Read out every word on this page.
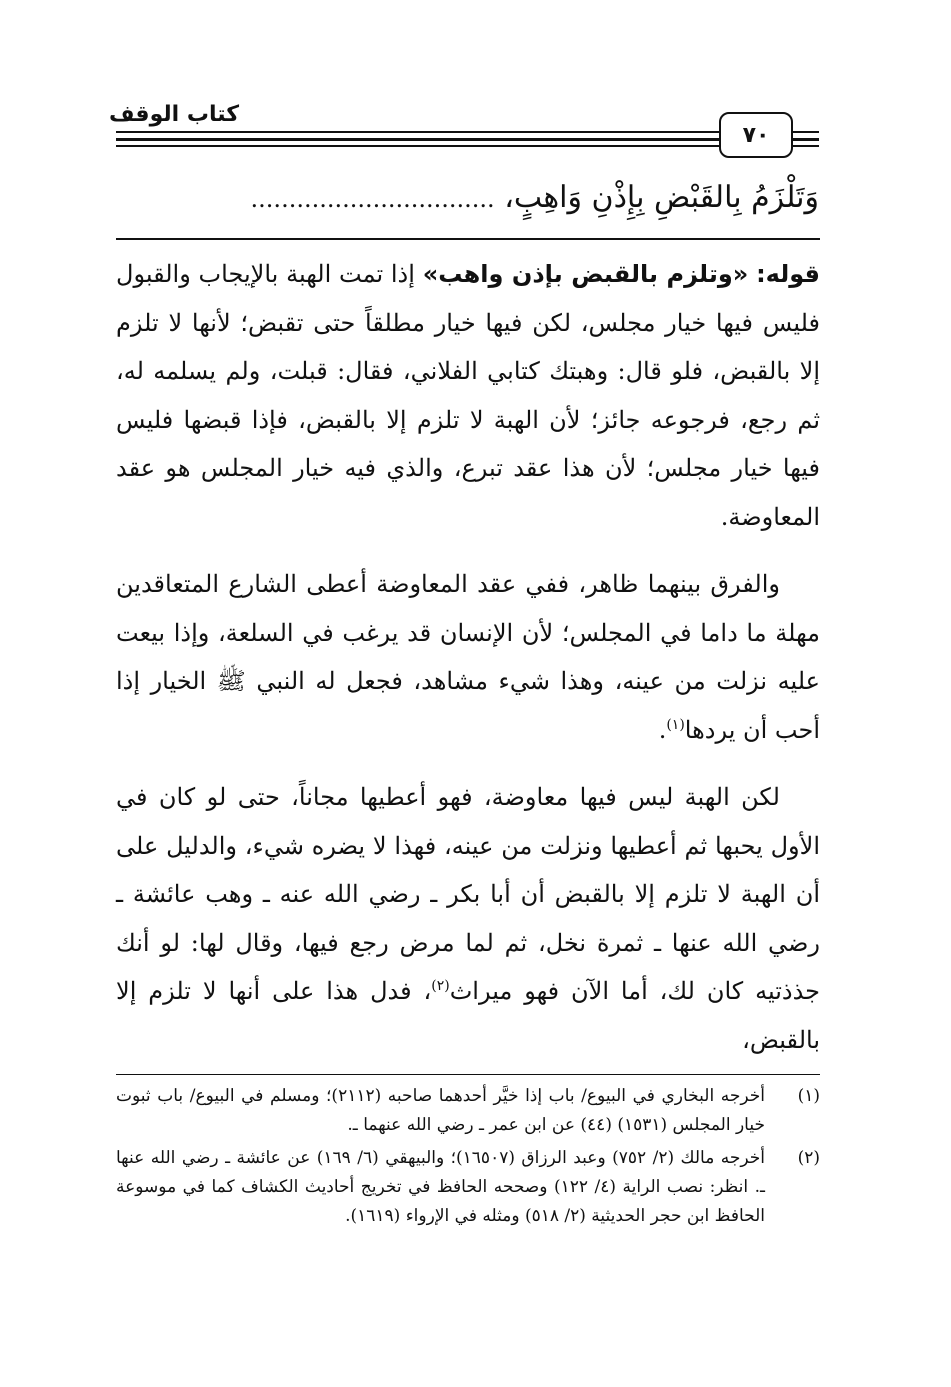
كتاب الوقف
٧٠
وَتَلْزَمُ بِالقَبْضِ بِإِذْنِ وَاهِبٍ، ................................

قوله: «وتلزم بالقبض بإذن واهب» إذا تمت الهبة بالإيجاب والقبول فليس فيها خيار مجلس، لكن فيها خيار مطلقاً حتى تقبض؛ لأنها لا تلزم إلا بالقبض، فلو قال: وهبتك كتابي الفلاني، فقال: قبلت، ولم يسلمه له، ثم رجع، فرجوعه جائز؛ لأن الهبة لا تلزم إلا بالقبض، فإذا قبضها فليس فيها خيار مجلس؛ لأن هذا عقد تبرع، والذي فيه خيار المجلس هو عقد المعاوضة.

والفرق بينهما ظاهر، ففي عقد المعاوضة أعطى الشارع المتعاقدين مهلة ما داما في المجلس؛ لأن الإنسان قد يرغب في السلعة، وإذا بيعت عليه نزلت من عينه، وهذا شيء مشاهد، فجعل له النبي ﷺ الخيار إذا أحب أن يردها$^{(١)}$.

لكن الهبة ليس فيها معاوضة، فهو أعطيها مجاناً، حتى لو كان في الأول يحبها ثم أعطيها ونزلت من عينه، فهذا لا يضره شيء، والدليل على أن الهبة لا تلزم إلا بالقبض أن أبا بكر ـ رضي الله عنه ـ وهب عائشة ـ رضي الله عنها ـ ثمرة نخل، ثم لما مرض رجع فيها، وقال لها: لو أنك جذذتيه كان لك، أما الآن فهو ميراث$^{(٢)}$، فدل هذا على أنها لا تلزم إلا بالقبض،

(١)
أخرجه البخاري في البيوع/ باب إذا خيَّر أحدهما صاحبه (٢١١٢)؛ ومسلم في البيوع/ باب ثبوت خيار المجلس (١٥٣١) (٤٤) عن ابن عمر ـ رضي الله عنهما ـ.
(٢)
أخرجه مالك (٢/ ٧٥٢) وعبد الرزاق (١٦٥٠٧)؛ والبيهقي (٦/ ١٦٩) عن عائشة ـ رضي الله عنها ـ. انظر: نصب الراية (٤/ ١٢٢) وصححه الحافظ في تخريج أحاديث الكشاف كما في موسوعة الحافظ ابن حجر الحديثية (٢/ ٥١٨) ومثله في الإرواء (١٦١٩).
